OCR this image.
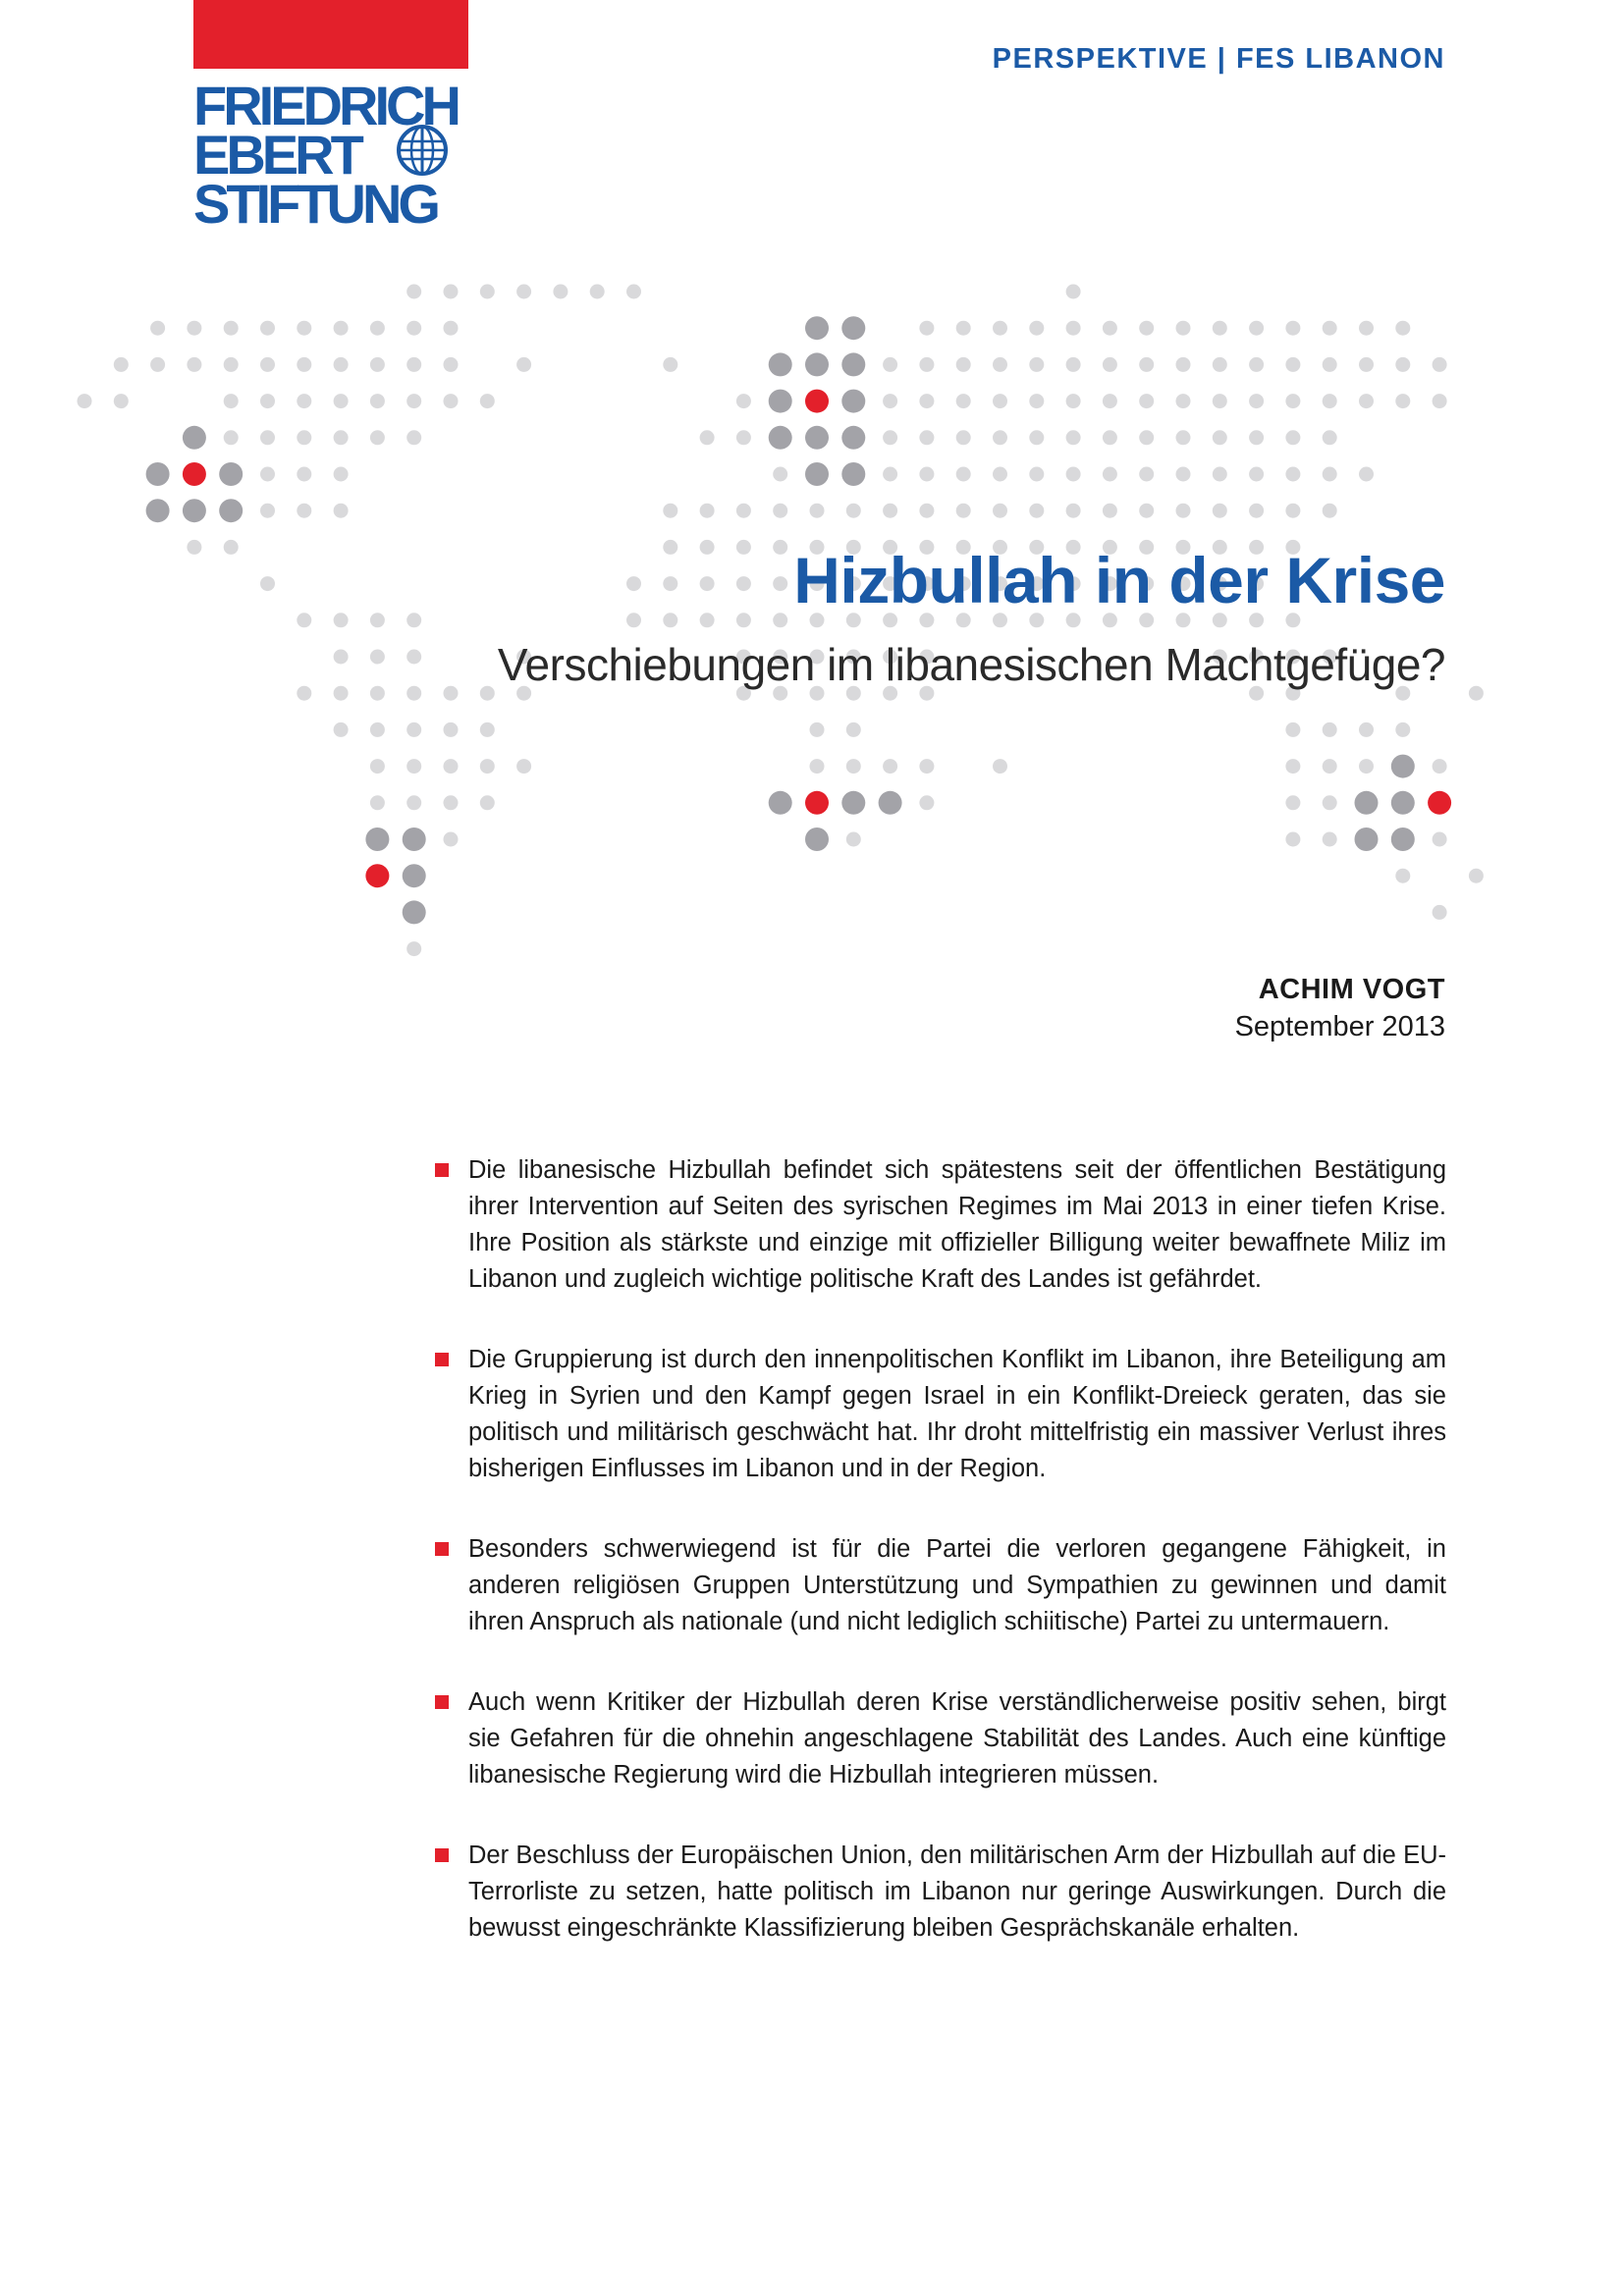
FRIEDRICH
EBERT
STIFTUNG
PERSPEKTIVE | FES LIBANON
Hizbullah in der Krise
Verschiebungen im libanesischen Machtgefüge?
ACHIM VOGT
September 2013
Die libanesische Hizbullah befindet sich spätestens seit der öffentlichen Bestätigung ihrer Intervention auf Seiten des syrischen Regimes im Mai 2013 in einer tiefen Krise. Ihre Position als stärkste und einzige mit offizieller Billigung weiter bewaffnete Miliz im Libanon und zugleich wichtige politische Kraft des Landes ist gefährdet.
Die Gruppierung ist durch den innenpolitischen Konflikt im Libanon, ihre Beteiligung am Krieg in Syrien und den Kampf gegen Israel in ein Konflikt-Dreieck geraten, das sie politisch und militärisch geschwächt hat. Ihr droht mittelfristig ein massiver Verlust ihres bisherigen Einflusses im Libanon und in der Region.
Besonders schwerwiegend ist für die Partei die verloren gegangene Fähigkeit, in anderen religiösen Gruppen Unterstützung und Sympathien zu gewinnen und damit ihren Anspruch als nationale (und nicht lediglich schiitische) Partei zu untermauern.
Auch wenn Kritiker der Hizbullah deren Krise verständlicherweise positiv sehen, birgt sie Gefahren für die ohnehin angeschlagene Stabilität des Landes. Auch eine künftige libanesische Regierung wird die Hizbullah integrieren müssen.
Der Beschluss der Europäischen Union, den militärischen Arm der Hizbullah auf die EU-Terrorliste zu setzen, hatte politisch im Libanon nur geringe Auswirkungen. Durch die bewusst eingeschränkte Klassifizierung bleiben Gesprächskanäle erhalten.
